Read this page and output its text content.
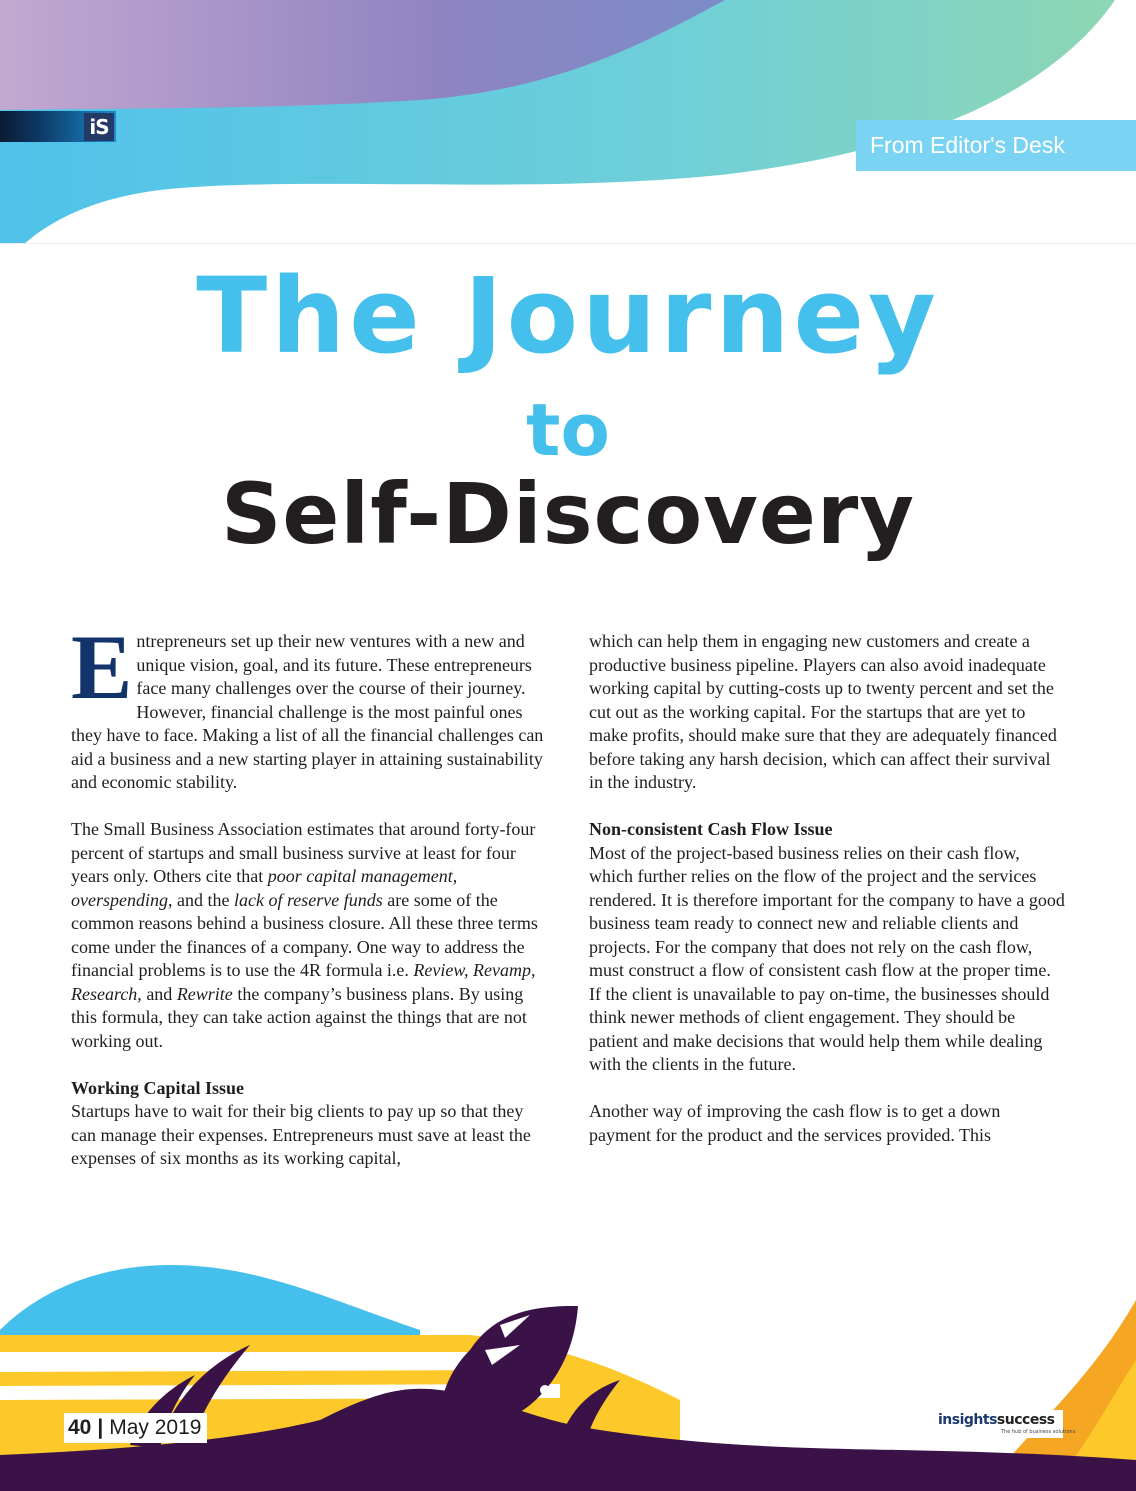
iS
From Editor's Desk
The Journey
to
Self-Discovery

Entrepreneurs set up their new ventures with a new and unique vision, goal, and its future. These entrepreneurs face many challenges over the course of their journey. However, financial challenge is the most painful ones they have to face. Making a list of all the financial challenges can aid a business and a new starting player in attaining sustainability and economic stability.

The Small Business Association estimates that around forty-four percent of startups and small business survive at least for four years only. Others cite that poor capital management, overspending, and the lack of reserve funds are some of the common reasons behind a business closure. All these three terms come under the finances of a company. One way to address the financial problems is to use the 4R formula i.e. Review, Revamp, Research, and Rewrite the company’s business plans. By using this formula, they can take action against the things that are not working out.

Working Capital Issue
Startups have to wait for their big clients to pay up so that they can manage their expenses. Entrepreneurs must save at least the expenses of six months as its working capital,

which can help them in engaging new customers and create a productive business pipeline. Players can also avoid inadequate working capital by cutting-costs up to twenty percent and set the cut out as the working capital. For the startups that are yet to make profits, should make sure that they are adequately financed before taking any harsh decision, which can affect their survival in the industry.

Non-consistent Cash Flow Issue
Most of the project-based business relies on their cash flow, which further relies on the flow of the project and the services rendered. It is therefore important for the company to have a good business team ready to connect new and reliable clients and projects. For the company that does not rely on the cash flow, must construct a flow of consistent cash flow at the proper time. If the client is unavailable to pay on-time, the businesses should think newer methods of client engagement. They should be patient and make decisions that would help them while dealing with the clients in the future.

Another way of improving the cash flow is to get a down payment for the product and the services provided. This

40 | May 2019	insightssuccess
The hub of business solutions
